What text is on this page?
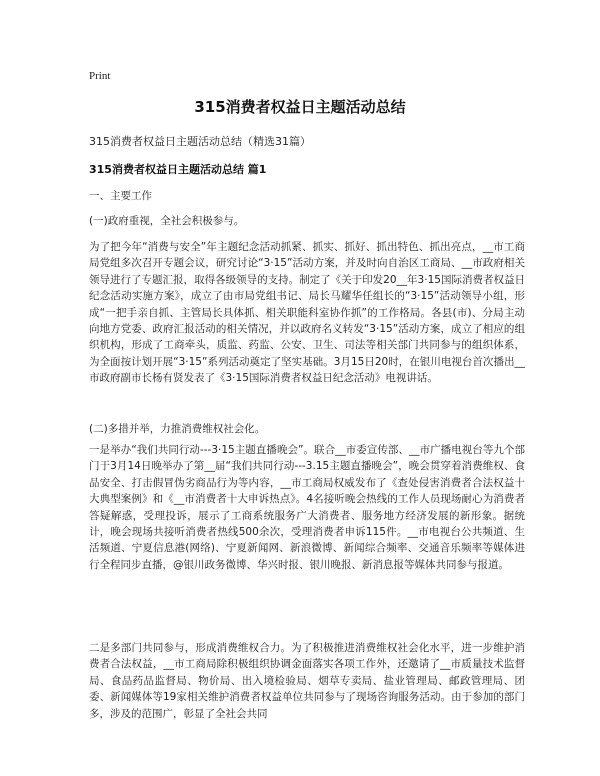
Print
315消费者权益日主题活动总结
315消费者权益日主题活动总结（精选31篇）
315消费者权益日主题活动总结 篇1

一、主要工作

(一)政府重视，全社会积极参与。

为了把今年“消费与安全”年主题纪念活动抓紧、抓实、抓好、抓出特色、抓出亮点，__市工商局党组多次召开专题会议，研究讨论“3·15”活动方案，并及时向自治区工商局、__市政府相关领导进行了专题汇报，取得各级领导的支持。制定了《关于印发20__年3·15国际消费者权益日纪念活动实施方案》，成立了由市局党组书记、局长马耀华任组长的“3·15”活动领导小组，形成“一把手亲自抓、主管局长具体抓、相关职能科室协作抓”的工作格局。各县(市)、分局主动向地方党委、政府汇报活动的相关情况，并以政府名义转发“3·15”活动方案，成立了相应的组织机构，形成了工商牵头，质监、药监、公安、卫生、司法等相关部门共同参与的组织体系，为全面按计划开展“3·15”系列活动奠定了坚实基础。3月15日20时，在银川电视台首次播出__市政府副市长杨有贤发表了《3·15国际消费者权益日纪念活动》电视讲话。

(二)多措并举，力推消费维权社会化。

一是举办“我们共同行动---3·15主题直播晚会”。联合__市委宣传部、__市广播电视台等九个部门于3月14日晚举办了第__届“我们共同行动---3.15主题直播晚会”，晚会贯穿着消费维权、食品安全、打击假冒伪劣商品行为等内容，__市工商局权威发布了《查处侵害消费者合法权益十大典型案例》和《__市消费者十大申诉热点》。4名接听晚会热线的工作人员现场耐心为消费者答疑解惑，受理投诉，展示了工商系统服务广大消费者、服务地方经济发展的新形象。据统计，晚会现场共接听消费者热线500余次，受理消费者申诉115件。__市电视台公共频道、生活频道、宁夏信息港(网络)、宁夏新闻网、新浪微博、新闻综合频率、交通音乐频率等媒体进行全程同步直播，@银川政务微博、华兴时报、银川晚报、新消息报等媒体共同参与报道。

二是多部门共同参与，形成消费维权合力。为了积极推进消费维权社会化水平，进一步维护消费者合法权益，__市工商局除积极组织协调金面落实各项工作外，还邀请了__市质量技术监督局、食品药品监督局、物价局、出入境检验局、烟草专卖局、盐业管理局、邮政管理局、团委、新闻媒体等19家相关维护消费者权益单位共同参与了现场咨询服务活动。由于参加的部门多，涉及的范围广，彰显了全社会共同
